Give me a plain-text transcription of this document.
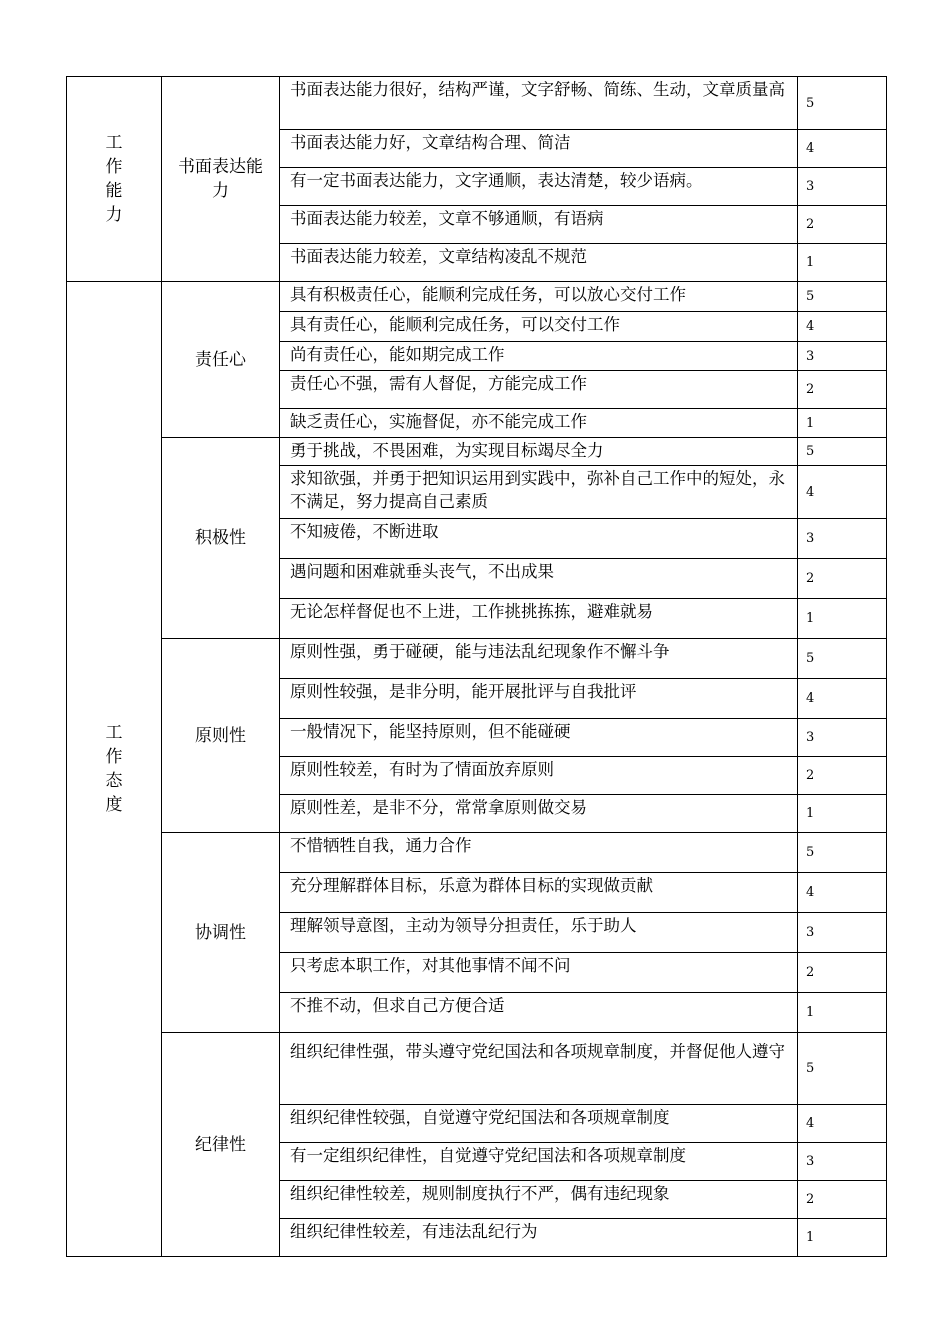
工作能力	书面表达能力	书面表达能力很好，结构严谨，文字舒畅、简练、生动，文章质量高	5
		书面表达能力好，文章结构合理、简洁	4
		有一定书面表达能力，文字通顺，表达清楚，较少语病。	3
		书面表达能力较差，文章不够通顺，有语病	2
		书面表达能力较差，文章结构凌乱不规范	1
工作态度	责任心	具有积极责任心，能顺利完成任务，可以放心交付工作	5
		具有责任心，能顺利完成任务，可以交付工作	4
		尚有责任心，能如期完成工作	3
		责任心不强，需有人督促，方能完成工作	2
		缺乏责任心，实施督促，亦不能完成工作	1
	积极性	勇于挑战，不畏困难，为实现目标竭尽全力	5
		求知欲强，并勇于把知识运用到实践中，弥补自己工作中的短处，永不满足，努力提高自己素质	4
		不知疲倦，不断进取	3
		遇问题和困难就垂头丧气，不出成果	2
		无论怎样督促也不上进，工作挑挑拣拣，避难就易	1
	原则性	原则性强，勇于碰硬，能与违法乱纪现象作不懈斗争	5
		原则性较强，是非分明，能开展批评与自我批评	4
		一般情况下，能坚持原则，但不能碰硬	3
		原则性较差，有时为了情面放弃原则	2
		原则性差，是非不分，常常拿原则做交易	1
	协调性	不惜牺牲自我，通力合作	5
		充分理解群体目标，乐意为群体目标的实现做贡献	4
		理解领导意图，主动为领导分担责任，乐于助人	3
		只考虑本职工作，对其他事情不闻不问	2
		不推不动，但求自己方便合适	1
	纪律性	组织纪律性强，带头遵守党纪国法和各项规章制度，并督促他人遵守	5
		组织纪律性较强，自觉遵守党纪国法和各项规章制度	4
		有一定组织纪律性，自觉遵守党纪国法和各项规章制度	3
		组织纪律性较差，规则制度执行不严，偶有违纪现象	2
		组织纪律性较差，有违法乱纪行为	1
